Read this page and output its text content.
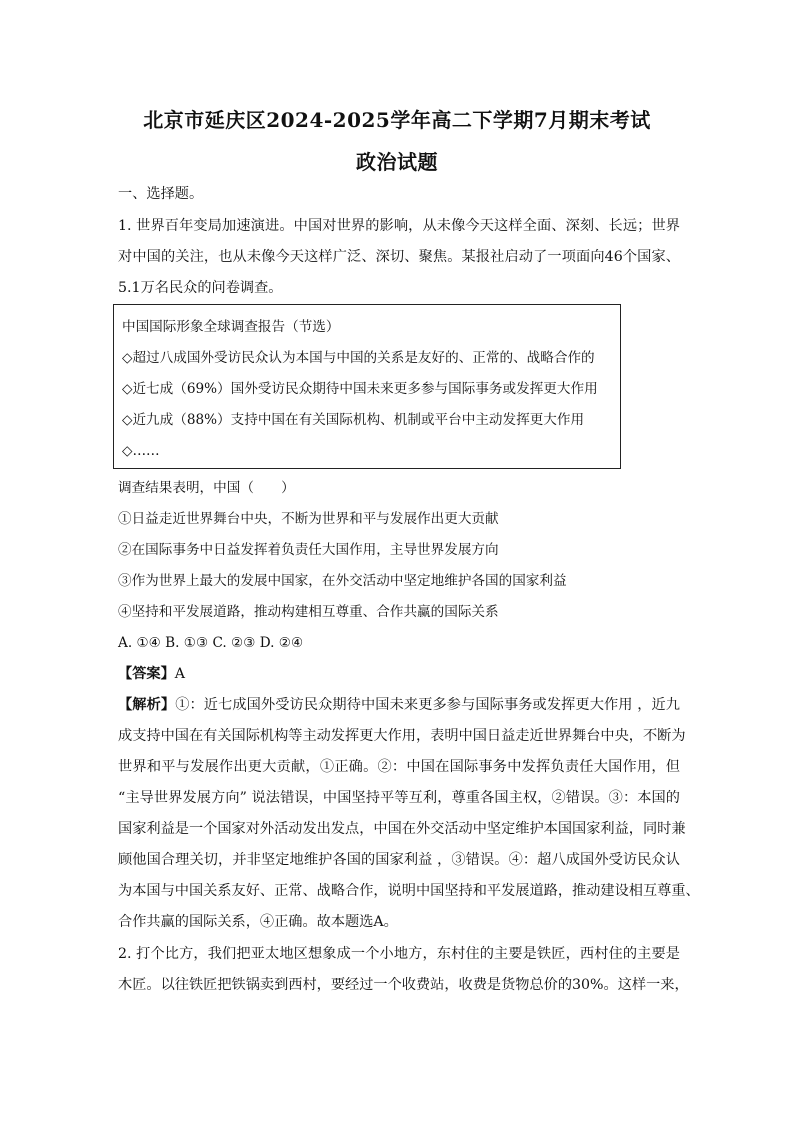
北京市延庆区2024-2025学年高二下学期7月期末考试
政治试题
一、选择题。
1. 世界百年变局加速演进。中国对世界的影响，从未像今天这样全面、深刻、长远；世界
对中国的关注，也从未像今天这样广泛、深切、聚焦。某报社启动了一项面向46个国家、
5.1万名民众的问卷调查。
中国国际形象全球调查报告（节选）
◇超过八成国外受访民众认为本国与中国的关系是友好的、正常的、战略合作的
◇近七成（69%）国外受访民众期待中国未来更多参与国际事务或发挥更大作用
◇近九成（88%）支持中国在有关国际机构、机制或平台中主动发挥更大作用
◇……
调查结果表明，中国（　　）
①日益走近世界舞台中央，不断为世界和平与发展作出更大贡献
②在国际事务中日益发挥着负责任大国作用，主导世界发展方向
③作为世界上最大的发展中国家，在外交活动中坚定地维护各国的国家利益
④坚持和平发展道路，推动构建相互尊重、合作共赢的国际关系
A. ①④ B. ①③ C. ②③ D. ②④
【答案】A
【解析】①：近七成国外受访民众期待中国未来更多参与国际事务或发挥更大作用 ，近九
成支持中国在有关国际机构等主动发挥更大作用，表明中国日益走近世界舞台中央，不断为
世界和平与发展作出更大贡献，①正确。②：中国在国际事务中发挥负责任大国作用，但
“主导世界发展方向” 说法错误，中国坚持平等互利，尊重各国主权，②错误。③：本国的
国家利益是一个国家对外活动发出发点，中国在外交活动中坚定维护本国国家利益，同时兼
顾他国合理关切，并非坚定地维护各国的国家利益 ，③错误。④：超八成国外受访民众认
为本国与中国关系友好、正常、战略合作，说明中国坚持和平发展道路，推动建设相互尊重、
合作共赢的国际关系，④正确。故本题选A。
2. 打个比方，我们把亚太地区想象成一个小地方，东村住的主要是铁匠，西村住的主要是
木匠。以往铁匠把铁锅卖到西村，要经过一个收费站，收费是货物总价的30%。这样一来，
